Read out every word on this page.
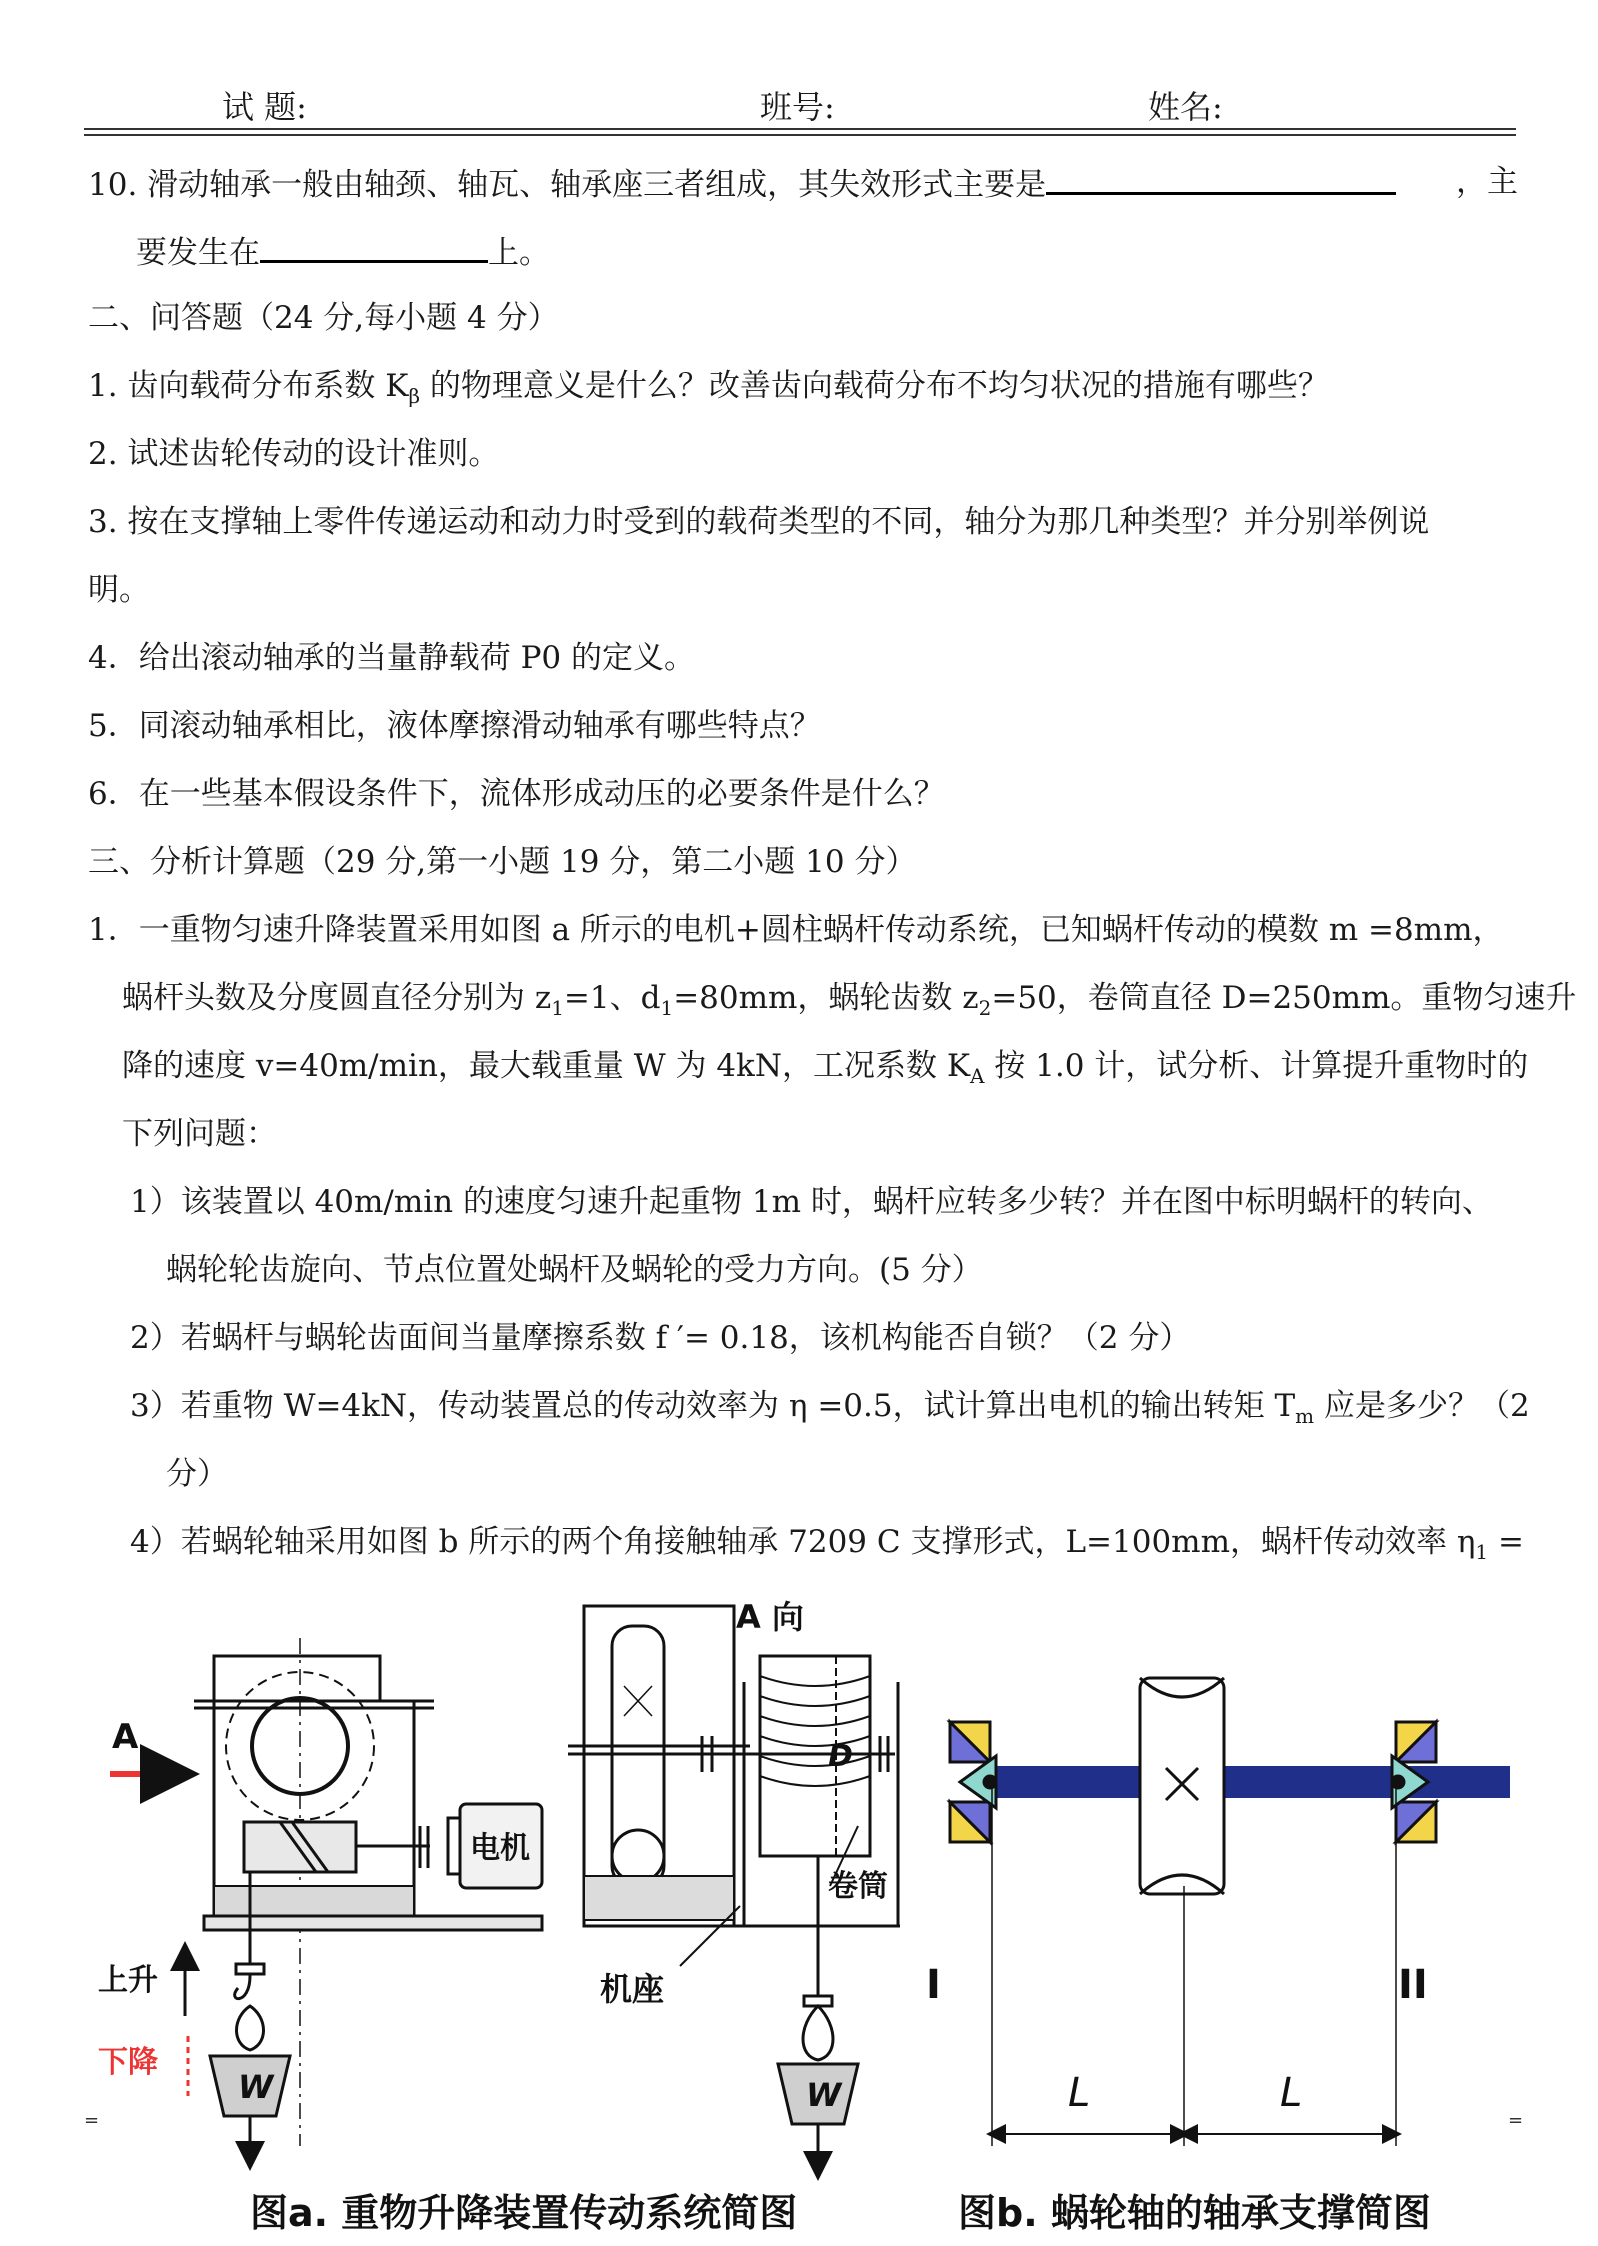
试 题:	班号:	姓名:
10. 滑动轴承一般由轴颈、轴瓦、轴承座三者组成，其失效形式主要是	，主
要发生在	上。
二、问答题（24 分,每小题 4 分）
1. 齿向载荷分布系数 $K_\beta$ 的物理意义是什么？改善齿向载荷分布不均匀状况的措施有哪些？
2. 试述齿轮传动的设计准则。
3. 按在支撑轴上零件传递运动和动力时受到的载荷类型的不同，轴分为那几种类型？并分别举例说
明。
4．给出滚动轴承的当量静载荷 P0 的定义。
5．同滚动轴承相比，液体摩擦滑动轴承有哪些特点？
6．在一些基本假设条件下，流体形成动压的必要条件是什么？
三、分析计算题（29 分,第一小题 19 分，第二小题 10 分）
1．一重物匀速升降装置采用如图 a 所示的电机+圆柱蜗杆传动系统，已知蜗杆传动的模数 m =8mm，
蜗杆头数及分度圆直径分别为 $z_1=1$、$d_1=80mm$，蜗轮齿数 $z_2=50$，卷筒直径 D=250mm。重物匀速升
降的速度 v=40m/min，最大载重量 W 为 4kN，工况系数 $K_A$ 按 1.0 计，试分析、计算提升重物时的
下列问题：
1）该装置以 40m/min 的速度匀速升起重物 1m 时，蜗杆应转多少转？并在图中标明蜗杆的转向、
蜗轮轮齿旋向、节点位置处蜗杆及蜗轮的受力方向。(5 分）
2）若蜗杆与蜗轮齿面间当量摩擦系数 f ′= 0.18，该机构能否自锁？（2 分）
3）若重物 W=4kN，传动装置总的传动效率为 η =0.5，试计算出电机的输出转矩 $T_m$ 应是多少？（2
分）
4）若蜗轮轴采用如图 b 所示的两个角接触轴承 7209 C 支撑形式，L=100mm，蜗杆传动效率 $\eta_1$ =
A
电机
上升
下降
W
A 向
D
卷筒
机座
W
I	II
L	L
=	=
图a. 重物升降装置传动系统简图	图b. 蜗轮轴的轴承支撑简图
